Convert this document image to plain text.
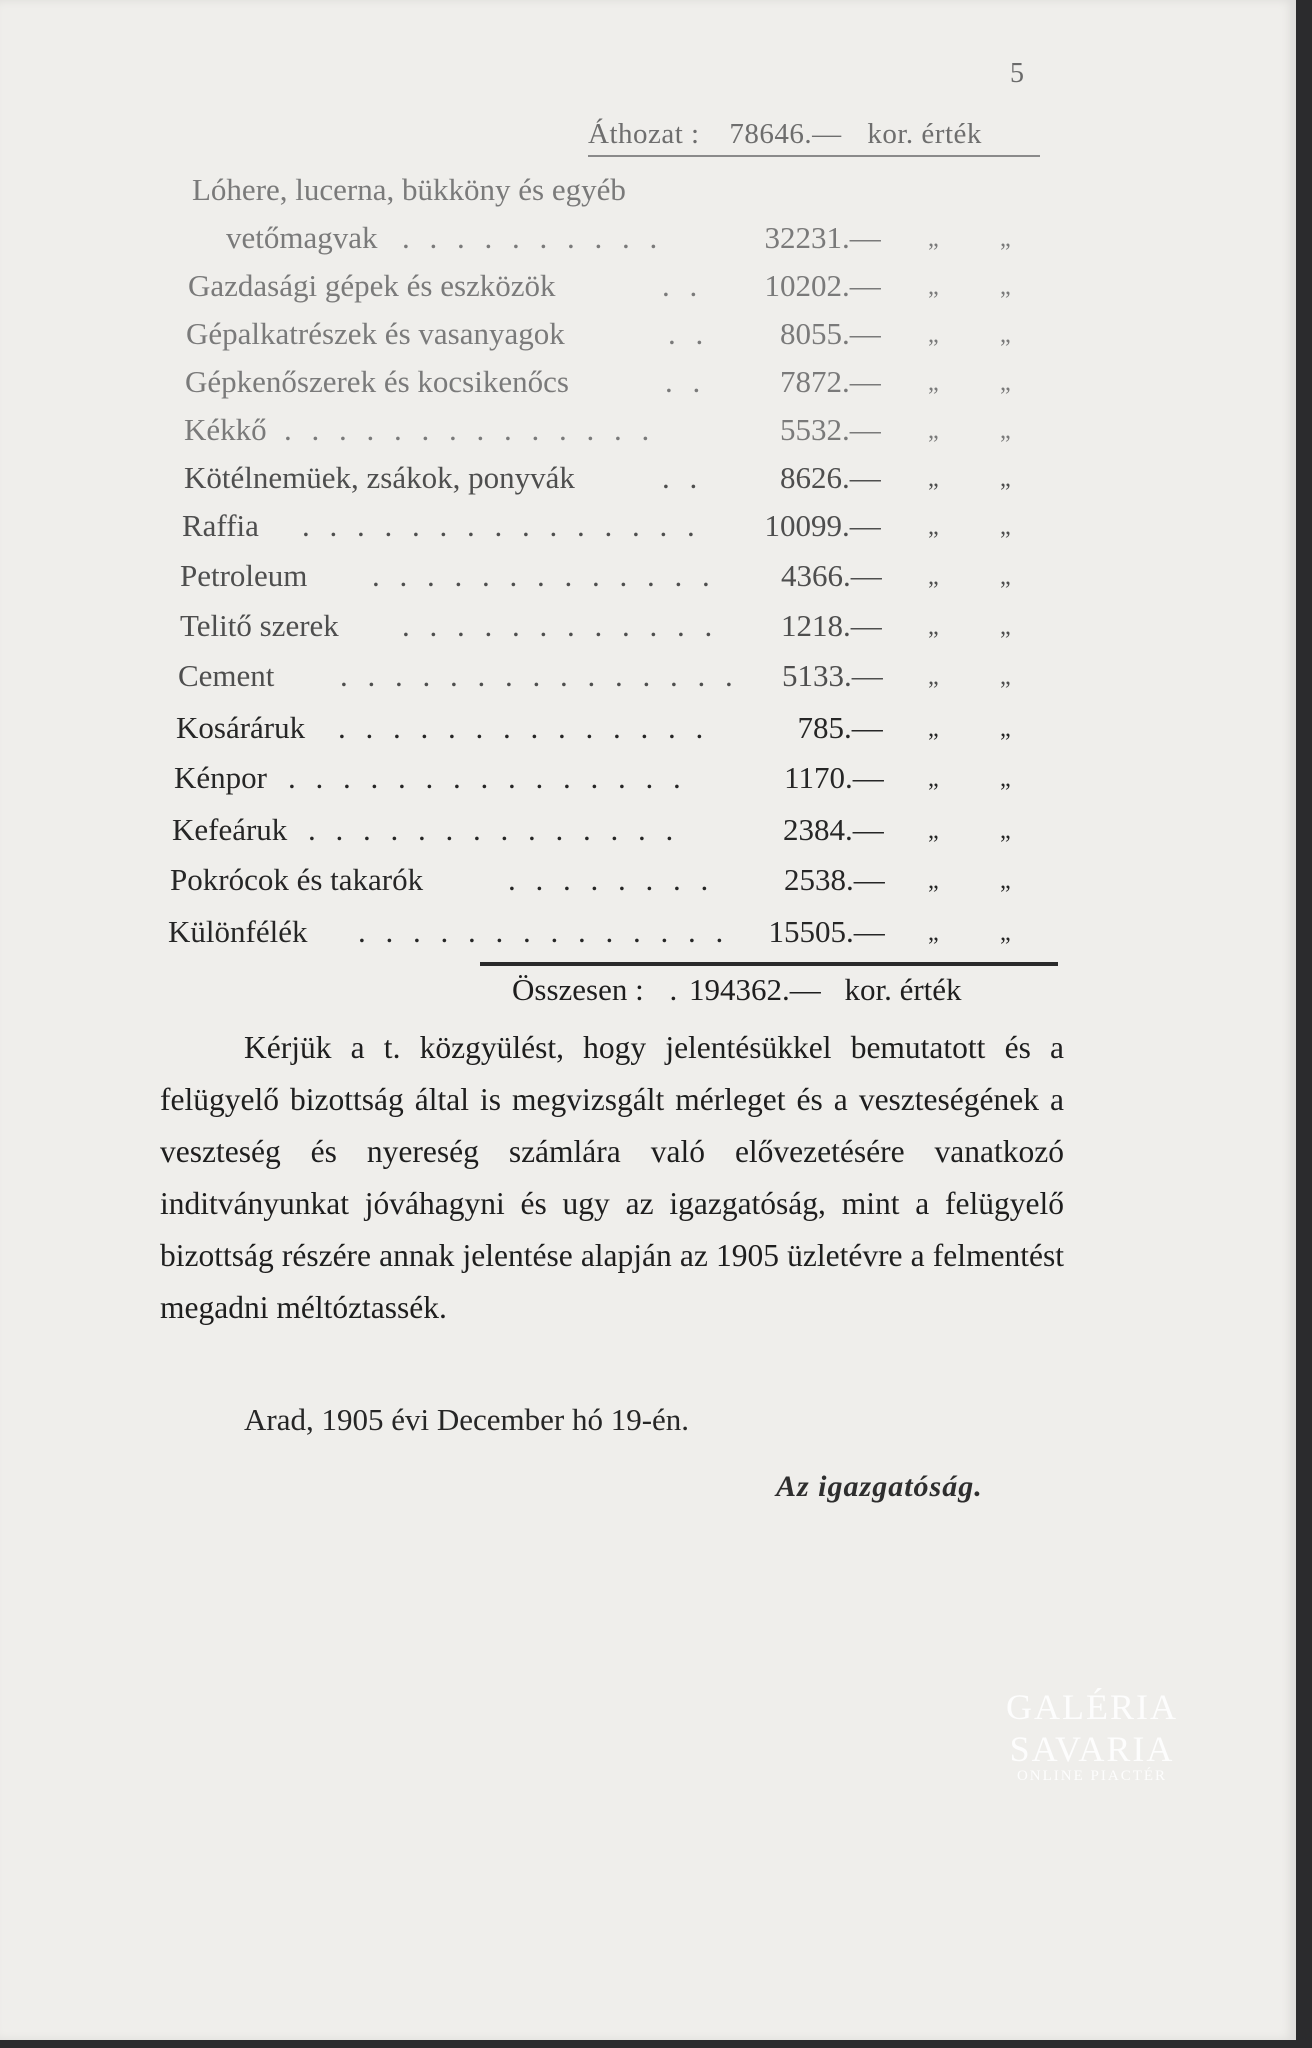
5
Áthozat : 78646.— kor. érték
Lóhere, lucerna, bükköny és egyéb
vetőmagvak . . . . . . . . . .	32231 .— „	„
Gazdasági gépek és eszközök	. .	10202 .— „	„
Gépalkatrészek és vasanyagok	. .	8055 .— „	„
Gépkenőszerek és kocsikenőcs	. .	7872 .— „	„
Kékkő . . . . . . . . . . . . . .	5532 .— „	„
Kötélnemüek, zsákok, ponyvák	. .	8626 .— „	„
Raffia . . . . . . . . . . . . . . .	10099 .— „	„
Petroleum . . . . . . . . . . . . .	4366 .— „	„
Telitő szerek . . . . . . . . . . . .	1218 .— „	„
Cement . . . . . . . . . . . . . . .	5133 .— „	„
Kosáráruk . . . . . . . . . . . . . .	785 .— „	„
Kénpor . . . . . . . . . . . . . . .	1170 .— „	„
Kefeáruk . . . . . . . . . . . . . .	2384 .— „	„
Pokrócok és takarók	. . . . . . . .	2538 .— „	„
Különfélék . . . . . . . . . . . . . .	15505 .— „	„
Összesen : . 194362.— kor. érték
Kérjük a t. közgyülést, hogy jelentésükkel bemutatott és a felügyelő bizottság által is megvizsgált mérleget és a veszteségének a veszteség és nyereség számlára való elővezetésére vanatkozó inditványunkat jóváhagyni és ugy az igazgatóság, mint a felügyelő bizottság részére annak jelentése alapján az 1905 üzletévre a felmentést megadni méltóztassék.
Arad, 1905 évi December hó 19-én.
Az igazgatóság.
GALÉRIA SAVARIA
ONLINE PIACTÉR
